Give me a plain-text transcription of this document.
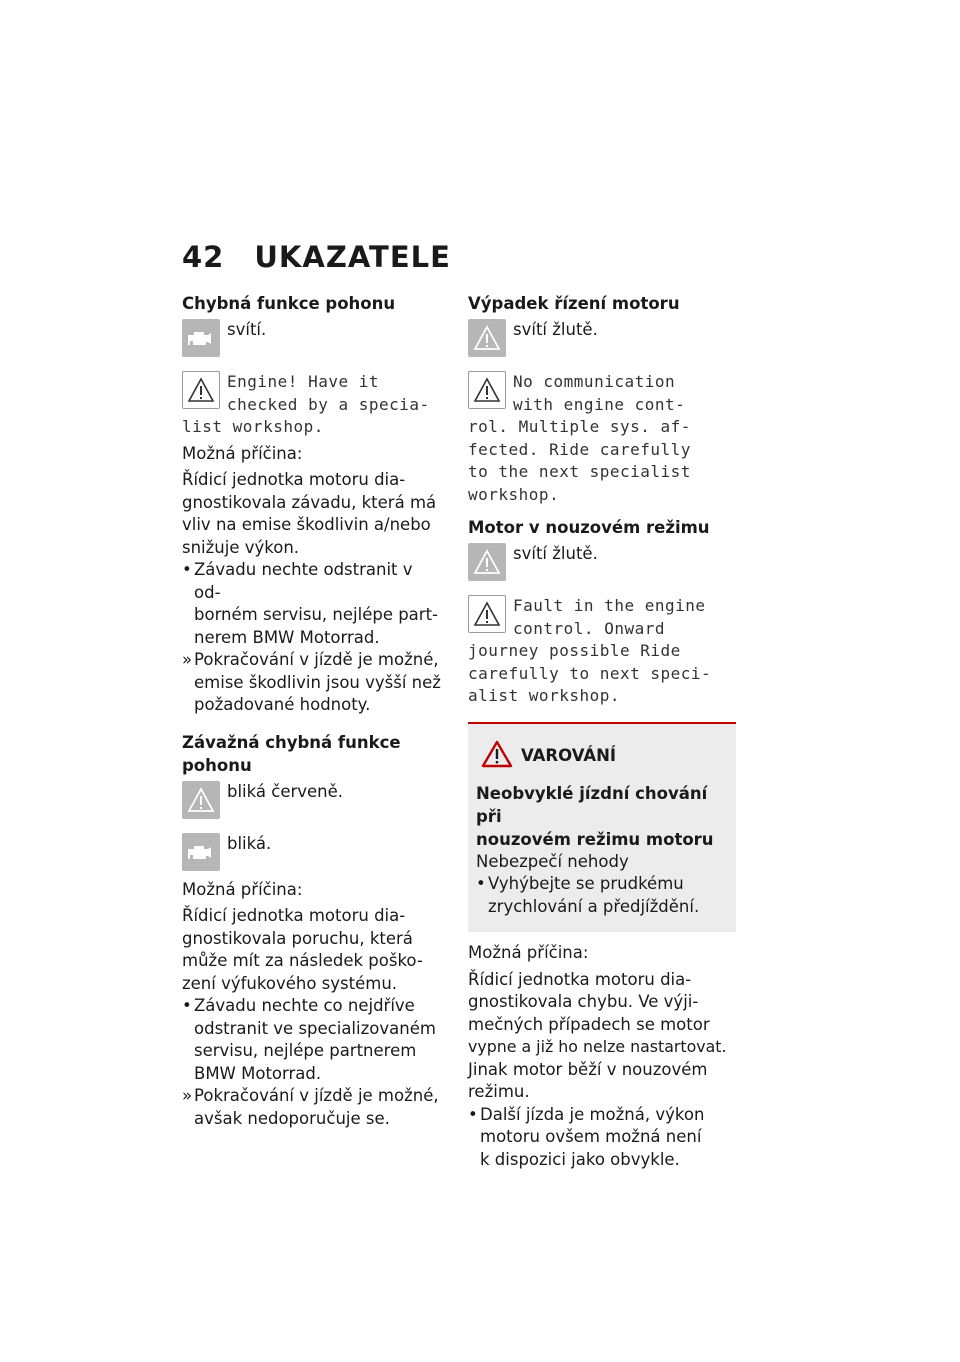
42 UKAZATELE

Chybná funkce pohonu

svítí.

Engine! Have it

checked by a specia-

list workshop.

Možná příčina:

Řídicí jednotka motoru dia-

gnostikovala závadu, která má

vliv na emise škodlivin a/nebo

snižuje výkon.

• Závadu nechte odstranit v od-
borném servisu, nejlépe part-
nerem BMW Motorrad.
» Pokračování v jízdě je možné,
emise škodlivin jsou vyšší než
požadované hodnoty.

Závažná chybná funkce

pohonu

bliká červeně.
bliká.

Možná příčina:

Řídicí jednotka motoru dia-

gnostikovala poruchu, která

může mít za následek poško-

zení výfukového systému.

• Závadu nechte co nejdříve
odstranit ve specializovaném
servisu, nejlépe partnerem
BMW Motorrad.
» Pokračování v jízdě je možné,
avšak nedoporučuje se.

Výpadek řízení motoru

svítí žlutě.

No communication

with engine cont-

rol. Multiple sys. af-

fected. Ride carefully

to the next specialist

workshop.

Motor v nouzovém režimu

svítí žlutě.

Fault in the engine

control. Onward

journey possible Ride

carefully to next speci-

alist workshop.

VAROVÁNÍ

Neobvyklé jízdní chování při

nouzovém režimu motoru

Nebezpečí nehody

• Vyhýbejte se prudkému
zrychlování a předjíždění.

Možná příčina:

Řídicí jednotka motoru dia-

gnostikovala chybu. Ve výji-

mečných případech se motor

vypne a již ho nelze nastartovat.

Jinak motor běží v nouzovém

režimu.

• Další jízda je možná, výkon
motoru ovšem možná není
k dispozici jako obvykle.
